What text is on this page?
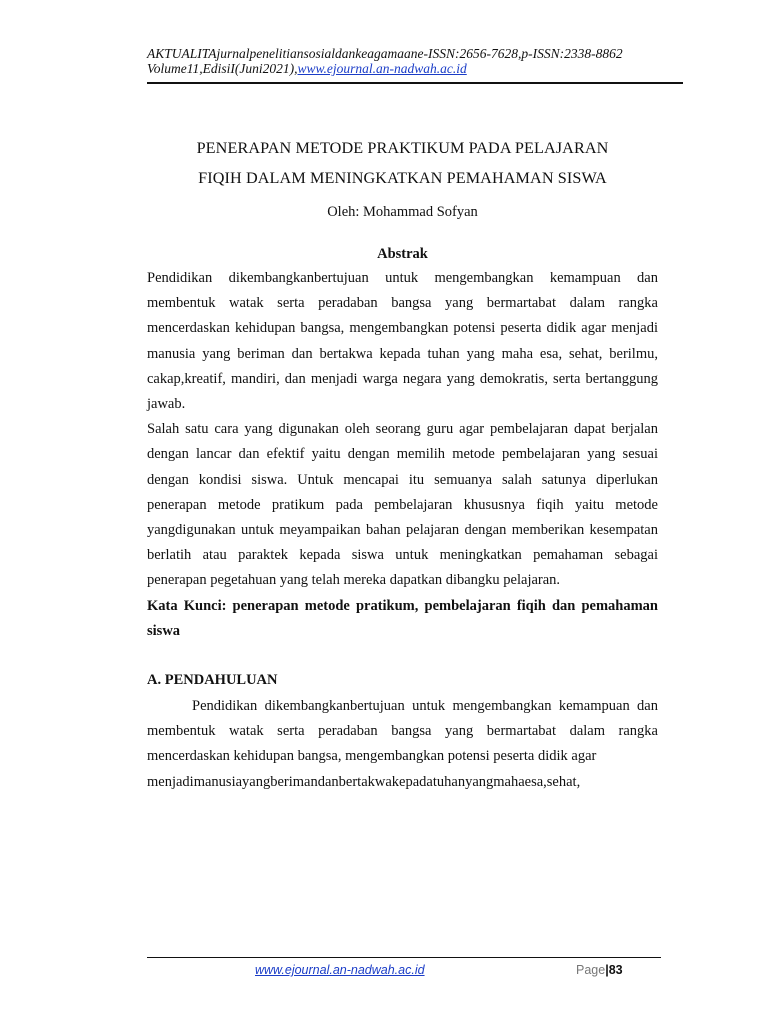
AKTUALITAjurnalpenelitiansosialdankeagamaane-ISSN:2656-7628,p-ISSN:2338-8862
Volume11,EdisiI(Juni2021),www.ejournal.an-nadwah.ac.id
PENERAPAN METODE PRAKTIKUM PADA PELAJARAN
FIQIH DALAM MENINGKATKAN PEMAHAMAN SISWA
Oleh: Mohammad Sofyan
Abstrak

Pendidikan dikembangkanbertujuan untuk mengembangkan kemampuan dan membentuk watak serta peradaban bangsa yang bermartabat dalam rangka mencerdaskan kehidupan bangsa, mengembangkan potensi peserta didik agar menjadi manusia yang beriman dan bertakwa kepada tuhan yang maha esa, sehat, berilmu, cakap,kreatif, mandiri, dan menjadi warga negara yang demokratis, serta bertanggung jawab.

Salah satu cara yang digunakan oleh seorang guru agar pembelajaran dapat berjalan dengan lancar dan efektif yaitu dengan memilih metode pembelajaran yang sesuai dengan kondisi siswa. Untuk mencapai itu semuanya salah satunya diperlukan penerapan metode pratikum pada pembelajaran khususnya fiqih yaitu metode yangdigunakan untuk meyampaikan bahan pelajaran dengan memberikan kesempatan berlatih atau paraktek kepada siswa untuk meningkatkan pemahaman sebagai penerapan pegetahuan yang telah mereka dapatkan dibangku pelajaran.

Kata Kunci: penerapan metode pratikum, pembelajaran fiqih dan pemahaman siswa

A. PENDAHULUAN

Pendidikan dikembangkanbertujuan untuk mengembangkan kemampuan dan membentuk watak serta peradaban bangsa yang bermartabat dalam rangka mencerdaskan kehidupan bangsa, mengembangkan potensi peserta didik agar

menjadimanusiayangberimandanbertakwakepadatuhanyangmahaesa,sehat,
www.ejournal.an-nadwah.ac.id	Page|83
